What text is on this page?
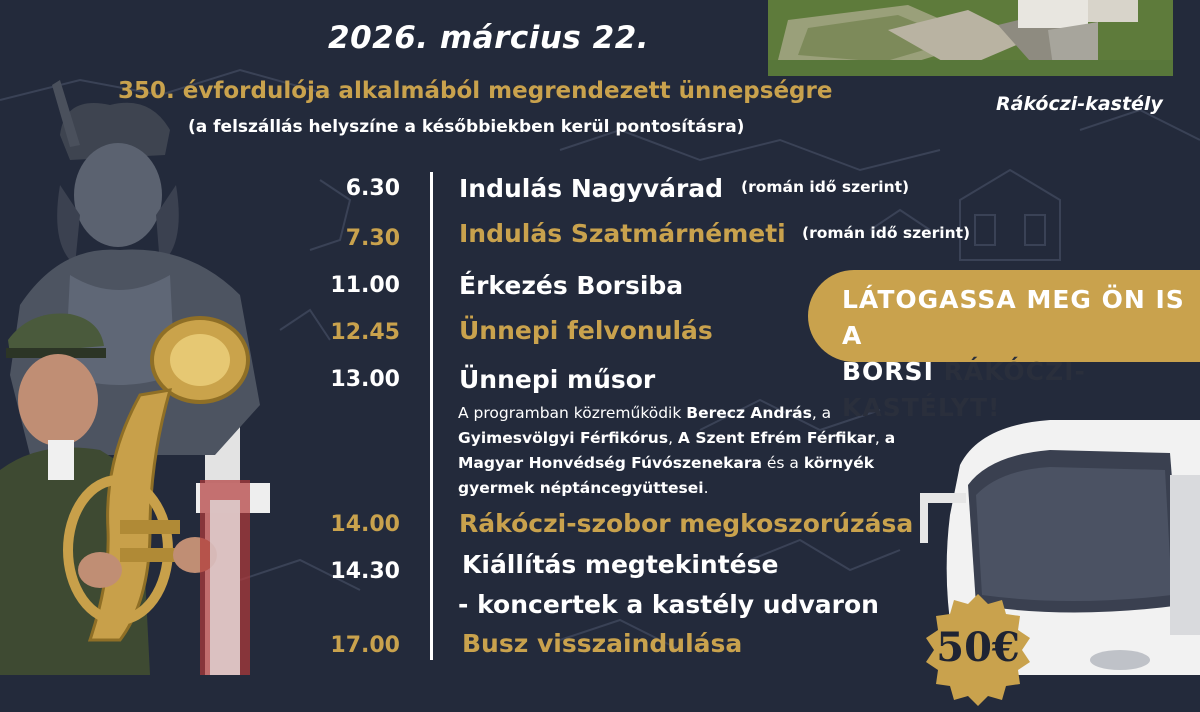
Rákóczi-kastély
2026. március 22.
350. évfordulója alkalmából megrendezett ünnepségre
(a felszállás helyszíne a későbbiekben kerül pontosításra)
6.30 Indulás Nagyvárad (román idő szerint)
7.30 Indulás Szatmárnémeti (román idő szerint)
11.00 Érkezés Borsiba
12.45 Ünnepi felvonulás
13.00 Ünnepi műsor
A programban közreműködik Berecz András, a Gyimesvölgyi Férfikórus, A Szent Efrém Férfikar, a Magyar Honvédség Fúvószenekara és a környék gyermek néptáncegyüttesei.
14.00 Rákóczi-szobor megkoszorúzása
14.30 Kiállítás megtekintése
- koncertek a kastély udvaron
17.00 Busz visszaindulása
LÁTOGASSA MEG ÖN IS A
BORSI RÁKÓCZI-KASTÉLYT!
50€
